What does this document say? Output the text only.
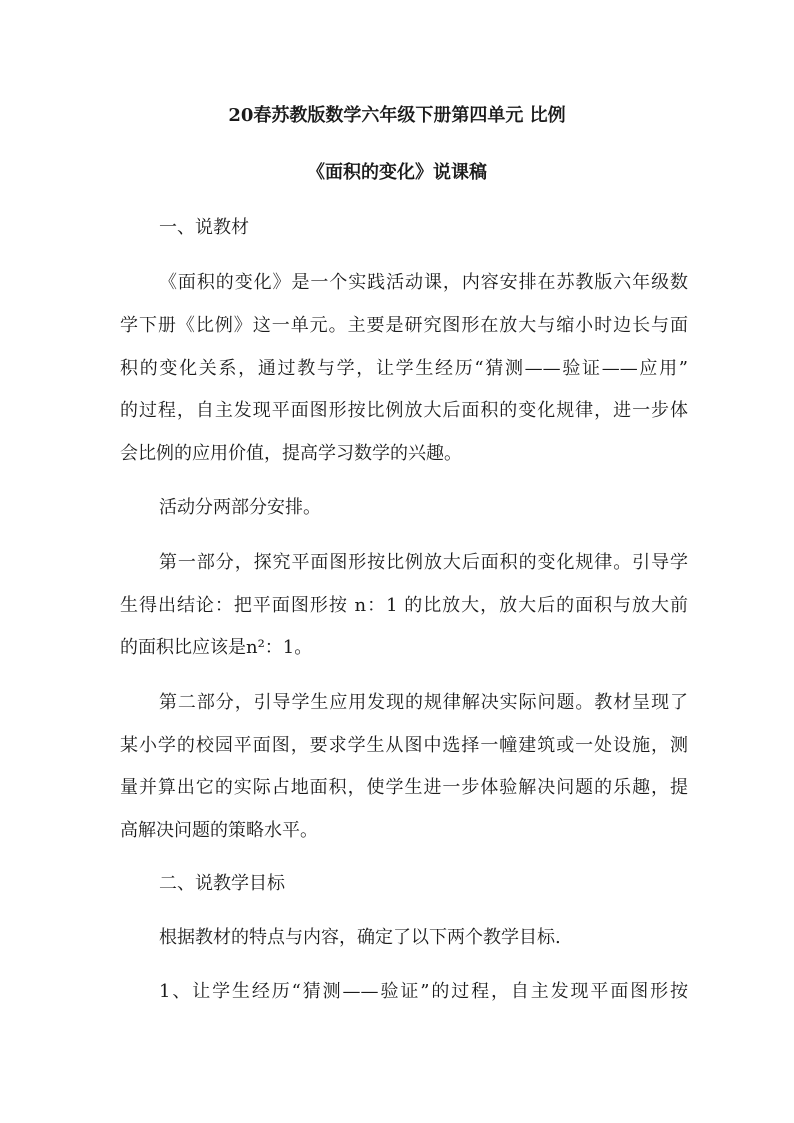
20春苏教版数学六年级下册第四单元 比例
《面积的变化》说课稿
一、说教材
《面积的变化》是一个实践活动课，内容安排在苏教版六年级数
学下册《比例》这一单元。主要是研究图形在放大与缩小时边长与面
积的变化关系，通过教与学，让学生经历“猜测——验证——应用”
的过程，自主发现平面图形按比例放大后面积的变化规律，进一步体
会比例的应用价值，提高学习数学的兴趣。
活动分两部分安排。
第一部分，探究平面图形按比例放大后面积的变化规律。引导学
生得出结论：把平面图形按 n：1 的比放大，放大后的面积与放大前
的面积比应该是n²：1。
第二部分，引导学生应用发现的规律解决实际问题。教材呈现了
某小学的校园平面图，要求学生从图中选择一幢建筑或一处设施，测
量并算出它的实际占地面积，使学生进一步体验解决问题的乐趣，提
高解决问题的策略水平。
二、说教学目标
根据教材的特点与内容，确定了以下两个教学目标.
1、让学生经历“猜测——验证”的过程，自主发现平面图形按
